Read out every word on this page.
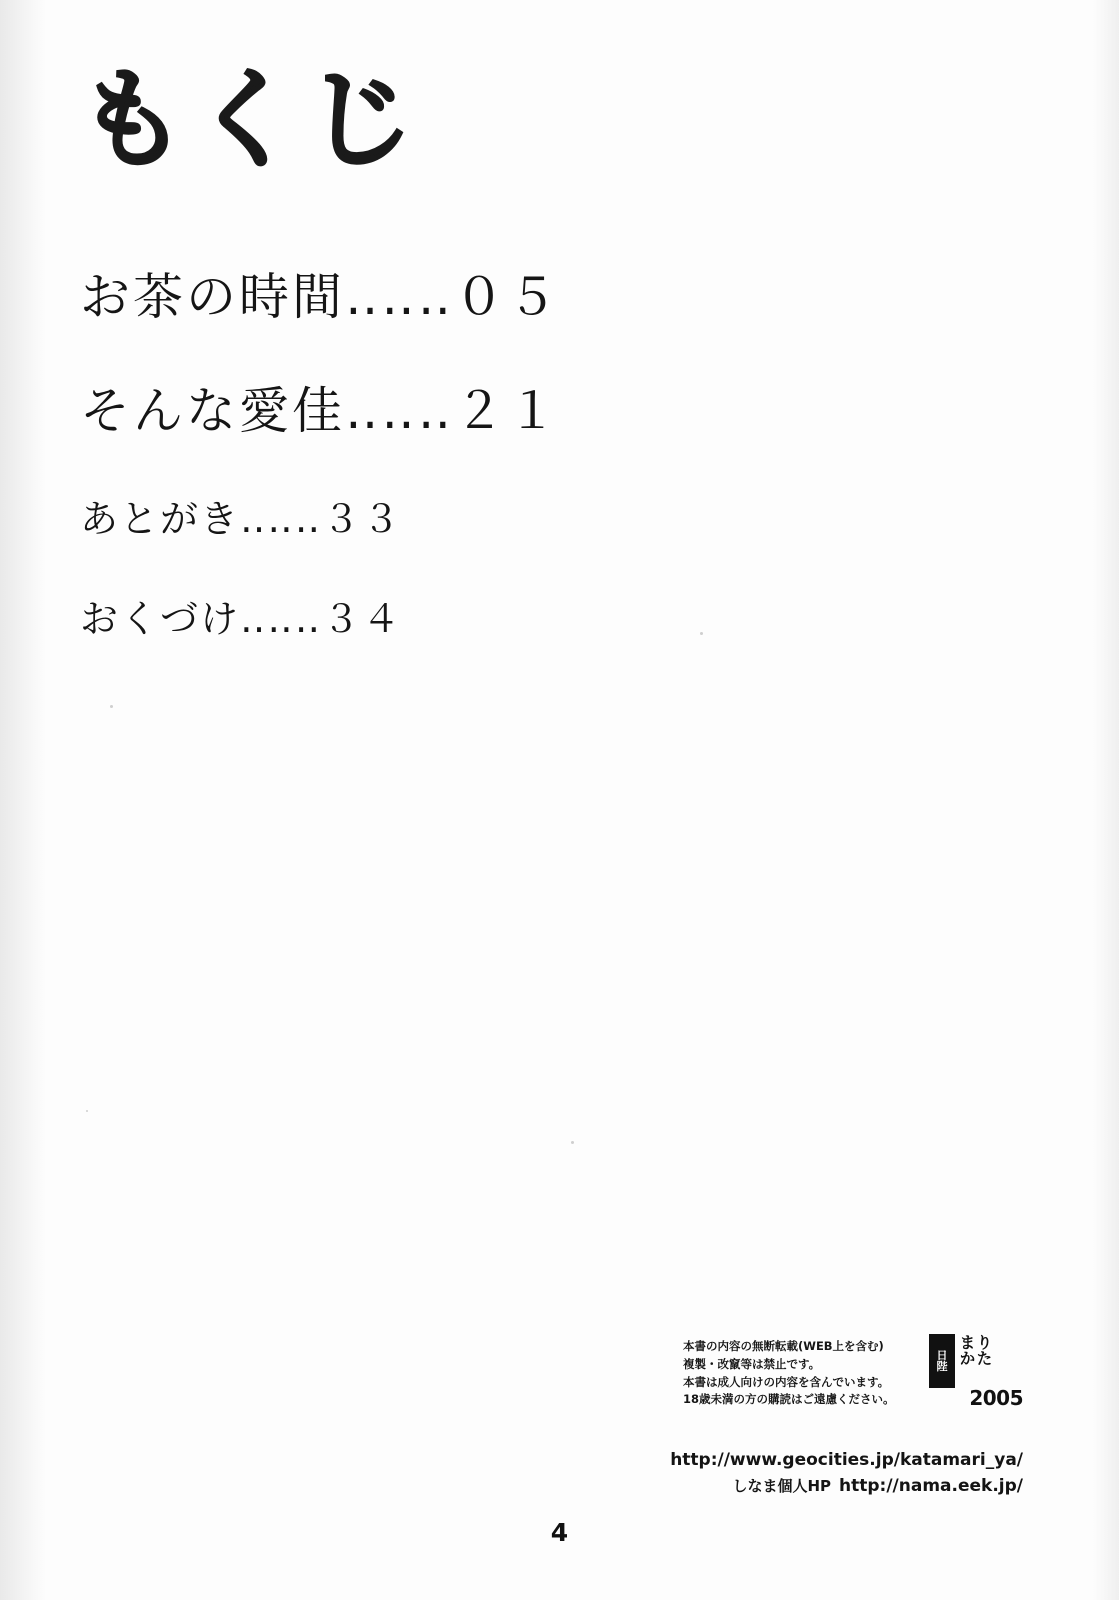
もくじ
お茶の時間‥‥‥０５
そんな愛佳‥‥‥２１
あとがき‥‥‥３３
おくづけ‥‥‥３４
本書の内容の無断転載(WEB上を含む)
複製・改竄等は禁止です。
本書は成人向けの内容を含んでいます。
18歳未満の方の購読はご遠慮ください。
日
陛
まか
りた
2005
http://www.geocities.jp/katamari_ya/
しなま個人HP http://nama.eek.jp/
4
